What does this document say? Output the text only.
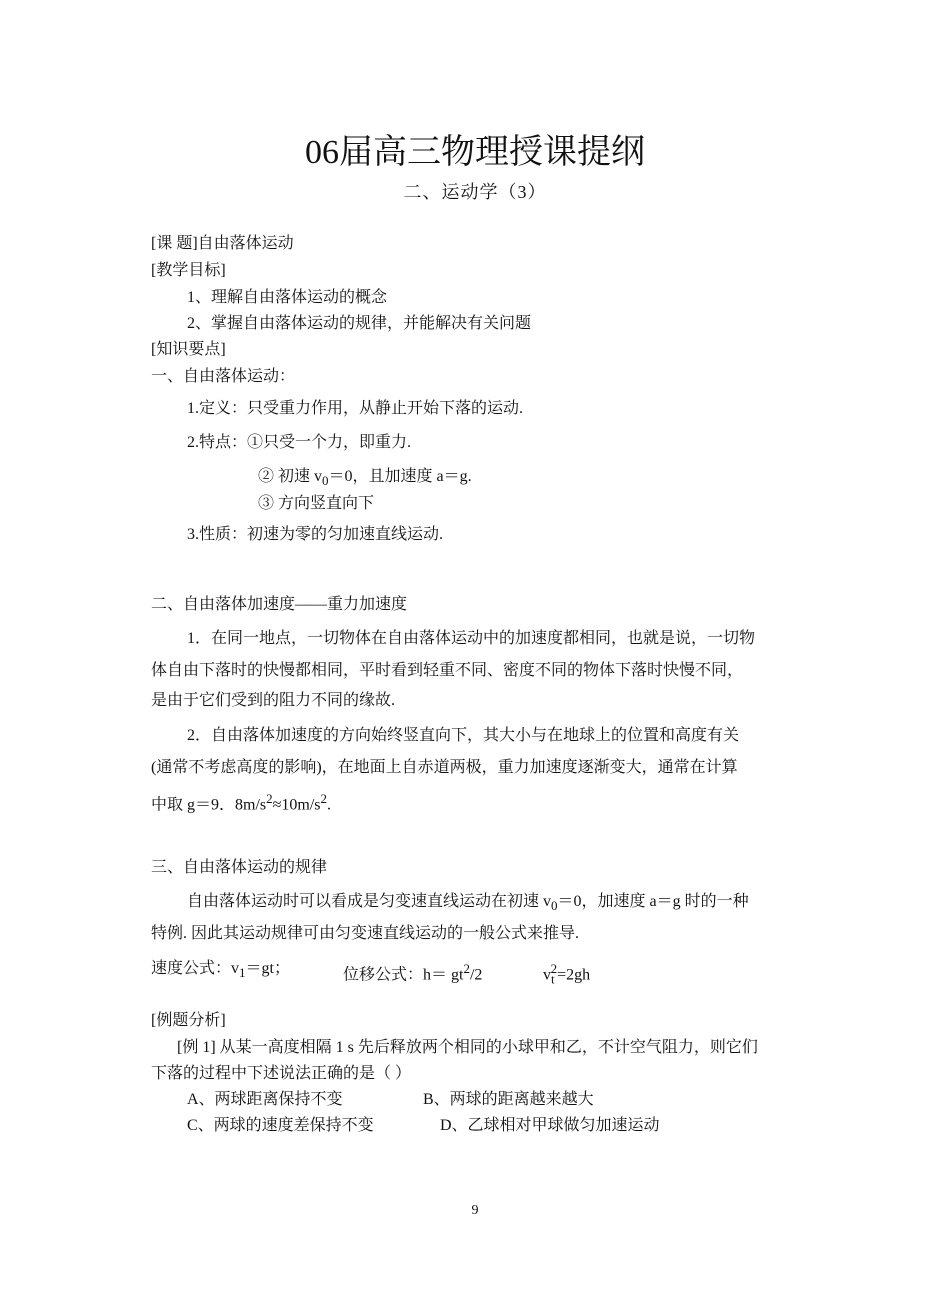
06届高三物理授课提纲
二、运动学（3）
[课 题]自由落体运动
[教学目标]
1、理解自由落体运动的概念
2、掌握自由落体运动的规律，并能解决有关问题
[知识要点]
一、自由落体运动：
1.定义：只受重力作用，从静止开始下落的运动.
2.特点：①只受一个力，即重力.
② 初速 $v_0=0$，且加速度 a＝g.
③ 方向竖直向下
3.性质：初速为零的匀加速直线运动.
二、自由落体加速度——重力加速度
1．在同一地点，一切物体在自由落体运动中的加速度都相同，也就是说，一切物
体自由下落时的快慢都相同，平时看到轻重不同、密度不同的物体下落时快慢不同，
是由于它们受到的阻力不同的缘故.
2．自由落体加速度的方向始终竖直向下，其大小与在地球上的位置和高度有关
(通常不考虑高度的影响)，在地面上自赤道两极，重力加速度逐渐变大，通常在计算
中取 g＝9．$8m/s^2\approx 10m/s^2$.
三、自由落体运动的规律
自由落体运动时可以看成是匀变速直线运动在初速 $v_0=0$，加速度 a＝g 时的一种
特例. 因此其运动规律可由匀变速直线运动的一般公式来推导.
速度公式：$v_1=gt$；	位移公式：$h= gt^2/2$	$v_t^2=2gh$
[例题分析]
[例 1] 从某一高度相隔 1 s 先后释放两个相同的小球甲和乙，不计空气阻力，则它们
下落的过程中下述说法正确的是（ ）
A、两球距离保持不变	B、两球的距离越来越大
C、两球的速度差保持不变	D、乙球相对甲球做匀加速运动
9
